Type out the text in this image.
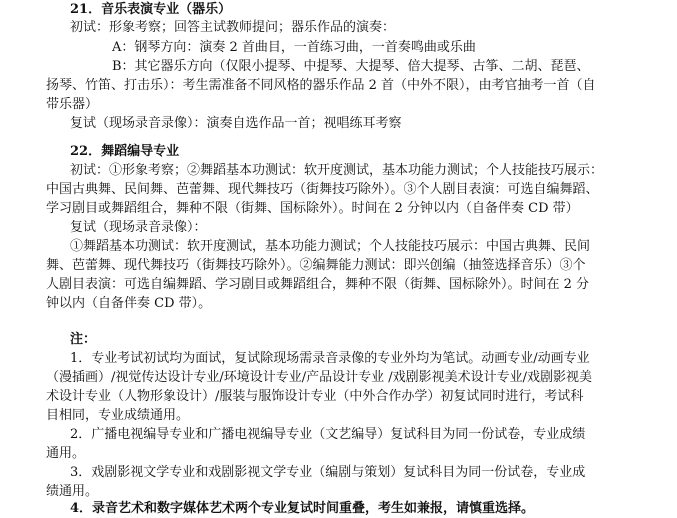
21．音乐表演专业（器乐）
初试：形象考察；回答主试教师提问；器乐作品的演奏：
A：钢琴方向：演奏 2 首曲目，一首练习曲，一首奏鸣曲或乐曲
B：其它器乐方向（仅限小提琴、中提琴、大提琴、倍大提琴、古筝、二胡、琵琶、
扬琴、竹笛、打击乐）：考生需准备不同风格的器乐作品 2 首（中外不限），由考官抽考一首（自
带乐器）
复试（现场录音录像）：演奏自选作品一首；视唱练耳考察
22．舞蹈编导专业
初试：①形象考察；②舞蹈基本功测试：软开度测试，基本功能力测试；个人技能技巧展示：
中国古典舞、民间舞、芭蕾舞、现代舞技巧（街舞技巧除外）。③个人剧目表演：可选自编舞蹈、
学习剧目或舞蹈组合，舞种不限（街舞、国标除外）。时间在 2 分钟以内（自备伴奏 CD 带）
复试（现场录音录像）：
①舞蹈基本功测试：软开度测试，基本功能力测试；个人技能技巧展示：中国古典舞、民间
舞、芭蕾舞、现代舞技巧（街舞技巧除外）。②编舞能力测试：即兴创编（抽签选择音乐）③个
人剧目表演：可选自编舞蹈、学习剧目或舞蹈组合，舞种不限（街舞、国标除外）。时间在 2 分
钟以内（自备伴奏 CD 带）。
注：
1．专业考试初试均为面试，复试除现场需录音录像的专业外均为笔试。动画专业/动画专业
（漫插画）/视觉传达设计专业/环境设计专业/产品设计专业 /戏剧影视美术设计专业/戏剧影视美
术设计专业（人物形象设计）/服装与服饰设计专业（中外合作办学）初复试同时进行，考试科
目相同，专业成绩通用。
2．广播电视编导专业和广播电视编导专业（文艺编导）复试科目为同一份试卷，专业成绩
通用。
3．戏剧影视文学专业和戏剧影视文学专业（编剧与策划）复试科目为同一份试卷，专业成
绩通用。
4．录音艺术和数字媒体艺术两个专业复试时间重叠，考生如兼报，请慎重选择。
